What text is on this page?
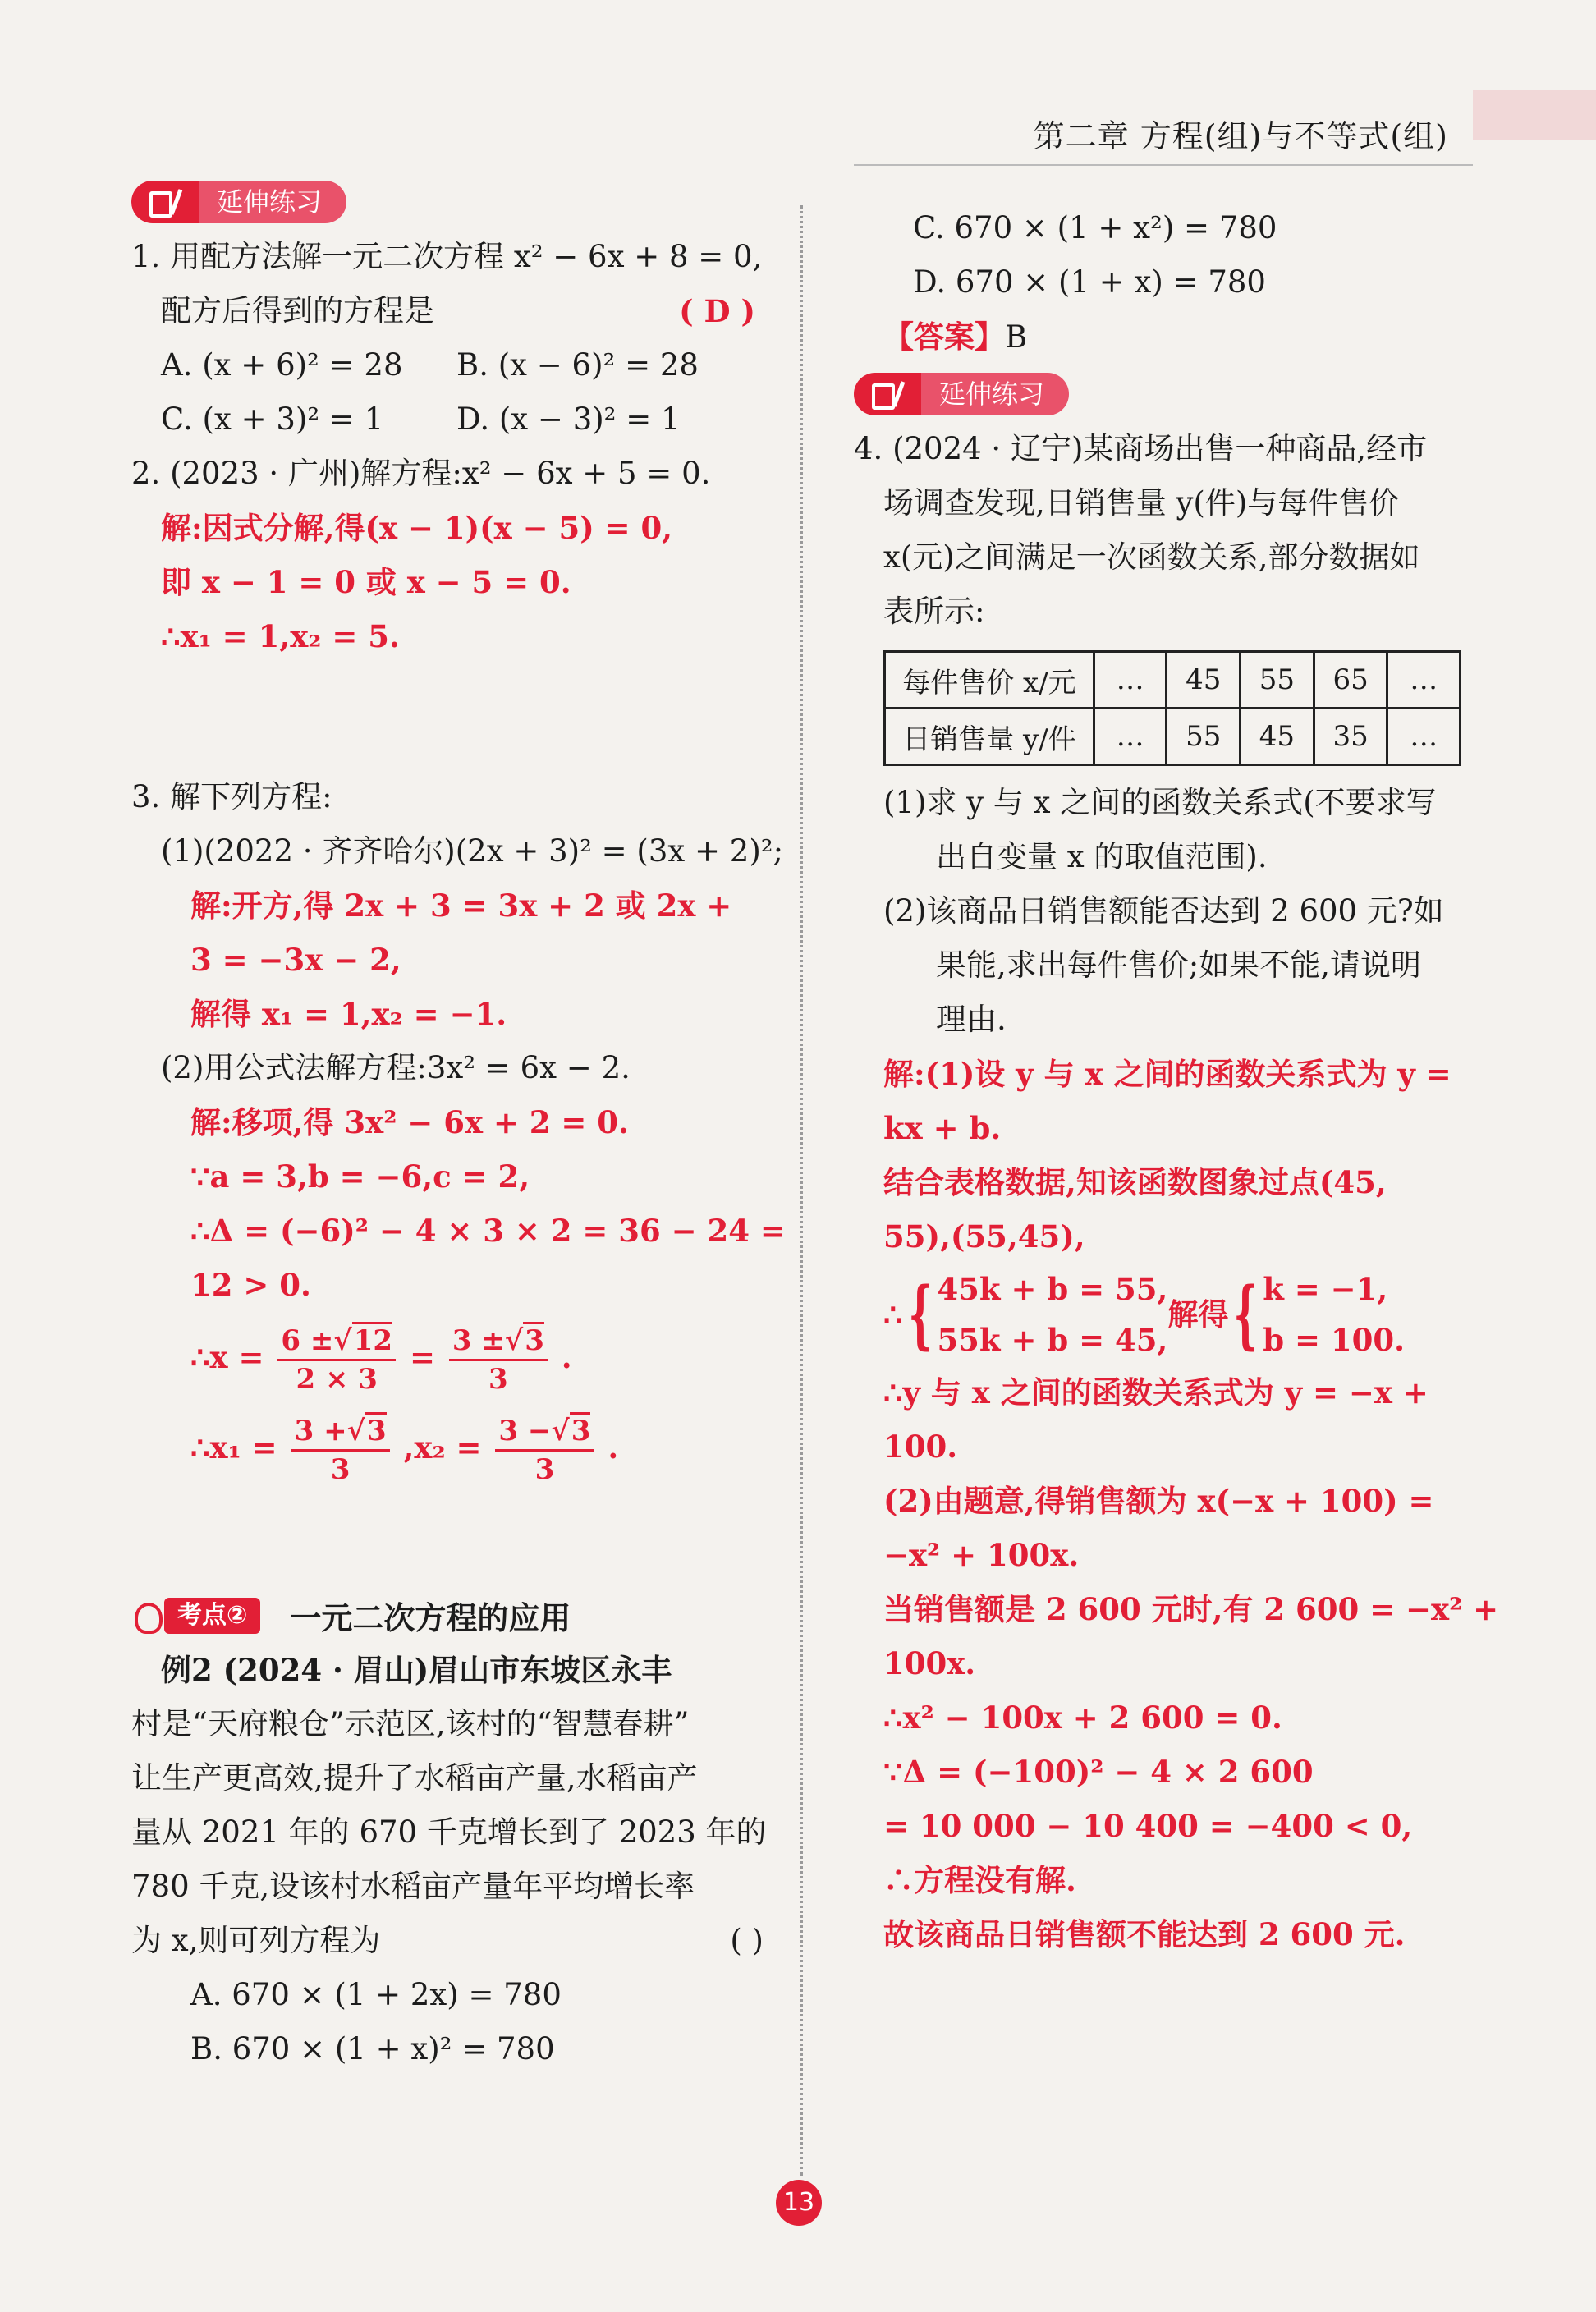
第二章 方程(组)与不等式(组)
延伸练习
1. 用配方法解一元二次方程 x² − 6x + 8 = 0,
配方后得到的方程是	( D )
A. (x + 6)² = 28	B. (x − 6)² = 28
C. (x + 3)² = 1	D. (x − 3)² = 1
2. (2023 · 广州)解方程:x² − 6x + 5 = 0.
解:因式分解,得(x − 1)(x − 5) = 0,
即 x − 1 = 0 或 x − 5 = 0.
∴x₁ = 1,x₂ = 5.
3. 解下列方程:
(1)(2022 · 齐齐哈尔)(2x + 3)² = (3x + 2)²;
解:开方,得 2x + 3 = 3x + 2 或 2x +
3 = −3x − 2,
解得 x₁ = 1,x₂ = −1.
(2)用公式法解方程:3x² = 6x − 2.
解:移项,得 3x² − 6x + 2 = 0.
∵a = 3,b = −6,c = 2,
∴Δ = (−6)² − 4 × 3 × 2 = 36 − 24 =
12 > 0.
∴x = $\frac{6 \pm√12}{2 \times 3} = \frac{3 \pm√3}{3}$ .
∴x₁ = $\frac{3 +√3}{3} ,x_2 = \frac{3 -√3}{3}$ .
考点②	一元二次方程的应用
例2 (2024 · 眉山)眉山市东坡区永丰
村是“天府粮仓”示范区,该村的“智慧春耕”
让生产更高效,提升了水稻亩产量,水稻亩产
量从 2021 年的 670 千克增长到了 2023 年的
780 千克,设该村水稻亩产量年平均增长率
为 x,则可列方程为	( )
A. 670 × (1 + 2x) = 780
B. 670 × (1 + x)² = 780
C. 670 × (1 + x²) = 780
D. 670 × (1 + x) = 780
【答案】B
延伸练习
4. (2024 · 辽宁)某商场出售一种商品,经市
场调查发现,日销售量 y(件)与每件售价
x(元)之间满足一次函数关系,部分数据如
表所示:
每件售价 x/元	…	45	55	65	…
日销售量 y/件	…	55	45	35	…
(1)求 y 与 x 之间的函数关系式(不要求写
出自变量 x 的取值范围).
(2)该商品日销售额能否达到 2 600 元?如
果能,求出每件售价;如果不能,请说明
理由.
解:(1)设 y 与 x 之间的函数关系式为 y =
kx + b.
结合表格数据,知该函数图象过点(45,
55),(55,45),
∴ { 45k + b = 55,
55k + b = 45,
解得 { k = −1,
b = 100.
∴y 与 x 之间的函数关系式为 y = −x +
100.
(2)由题意,得销售额为 x(−x + 100) =
−x² + 100x.
当销售额是 2 600 元时,有 2 600 = −x² +
100x.
∴x² − 100x + 2 600 = 0.
∵Δ = (−100)² − 4 × 2 600
= 10 000 − 10 400 = −400 < 0,
∴方程没有解.
故该商品日销售额不能达到 2 600 元.
13
